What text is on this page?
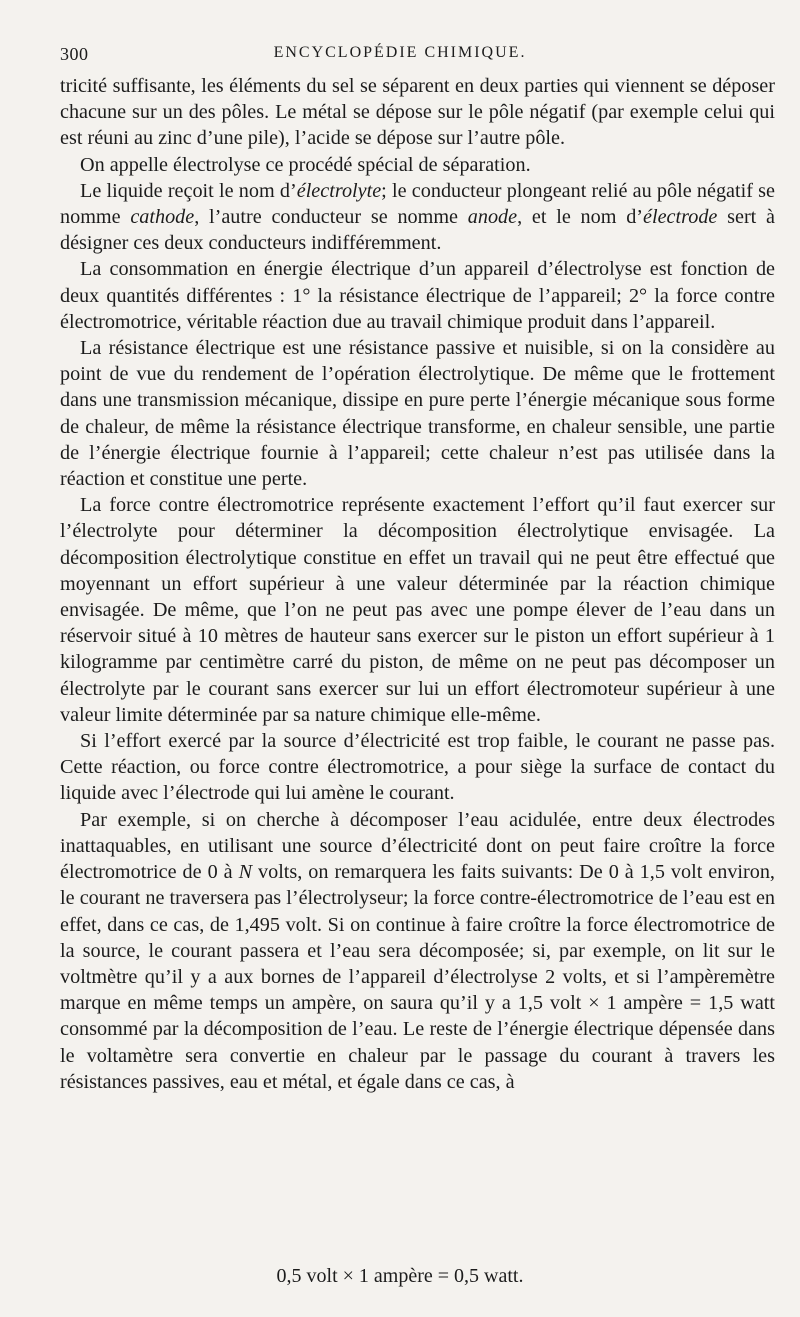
300	ENCYCLOPÉDIE CHIMIQUE.

tricité suffisante, les éléments du sel se séparent en deux parties qui viennent se déposer chacune sur un des pôles. Le métal se dépose sur le pôle négatif (par exemple celui qui est réuni au zinc d’une pile), l’acide se dépose sur l’autre pôle.

On appelle électrolyse ce procédé spécial de séparation.

Le liquide reçoit le nom d’électrolyte; le conducteur plongeant relié au pôle négatif se nomme cathode, l’autre conducteur se nomme anode, et le nom d’électrode sert à désigner ces deux conducteurs indifféremment.

La consommation en énergie électrique d’un appareil d’électrolyse est fonction de deux quantités différentes : 1° la résistance électrique de l’appareil; 2° la force contre électromotrice, véritable réaction due au travail chimique produit dans l’appareil.

La résistance électrique est une résistance passive et nuisible, si on la considère au point de vue du rendement de l’opération électrolytique. De même que le frottement dans une transmission mécanique, dissipe en pure perte l’énergie mécanique sous forme de chaleur, de même la résistance électrique transforme, en chaleur sensible, une partie de l’énergie électrique fournie à l’appareil; cette chaleur n’est pas utilisée dans la réaction et constitue une perte.

La force contre électromotrice représente exactement l’effort qu’il faut exercer sur l’électrolyte pour déterminer la décomposition électrolytique envisagée. La décomposition électrolytique constitue en effet un travail qui ne peut être effectué que moyennant un effort supérieur à une valeur déterminée par la réaction chimique envisagée. De même, que l’on ne peut pas avec une pompe élever de l’eau dans un réservoir situé à 10 mètres de hauteur sans exercer sur le piston un effort supérieur à 1 kilogramme par centimètre carré du piston, de même on ne peut pas décomposer un électrolyte par le courant sans exercer sur lui un effort électromoteur supérieur à une valeur limite déterminée par sa nature chimique elle-même.

Si l’effort exercé par la source d’électricité est trop faible, le courant ne passe pas. Cette réaction, ou force contre électromotrice, a pour siège la surface de contact du liquide avec l’électrode qui lui amène le courant.

Par exemple, si on cherche à décomposer l’eau acidulée, entre deux électrodes inattaquables, en utilisant une source d’électricité dont on peut faire croître la force électromotrice de 0 à N volts, on remarquera les faits suivants: De 0 à 1,5 volt environ, le courant ne traversera pas l’électrolyseur; la force contre-électromotrice de l’eau est en effet, dans ce cas, de 1,495 volt. Si on continue à faire croître la force électromotrice de la source, le courant passera et l’eau sera décomposée; si, par exemple, on lit sur le voltmètre qu’il y a aux bornes de l’appareil d’électrolyse 2 volts, et si l’ampèremètre marque en même temps un ampère, on saura qu’il y a 1,5 volt × 1 ampère = 1,5 watt consommé par la décomposition de l’eau. Le reste de l’énergie électrique dépensée dans le voltamètre sera convertie en chaleur par le passage du courant à travers les résistances passives, eau et métal, et égale dans ce cas, à

0,5 volt × 1 ampère = 0,5 watt.
